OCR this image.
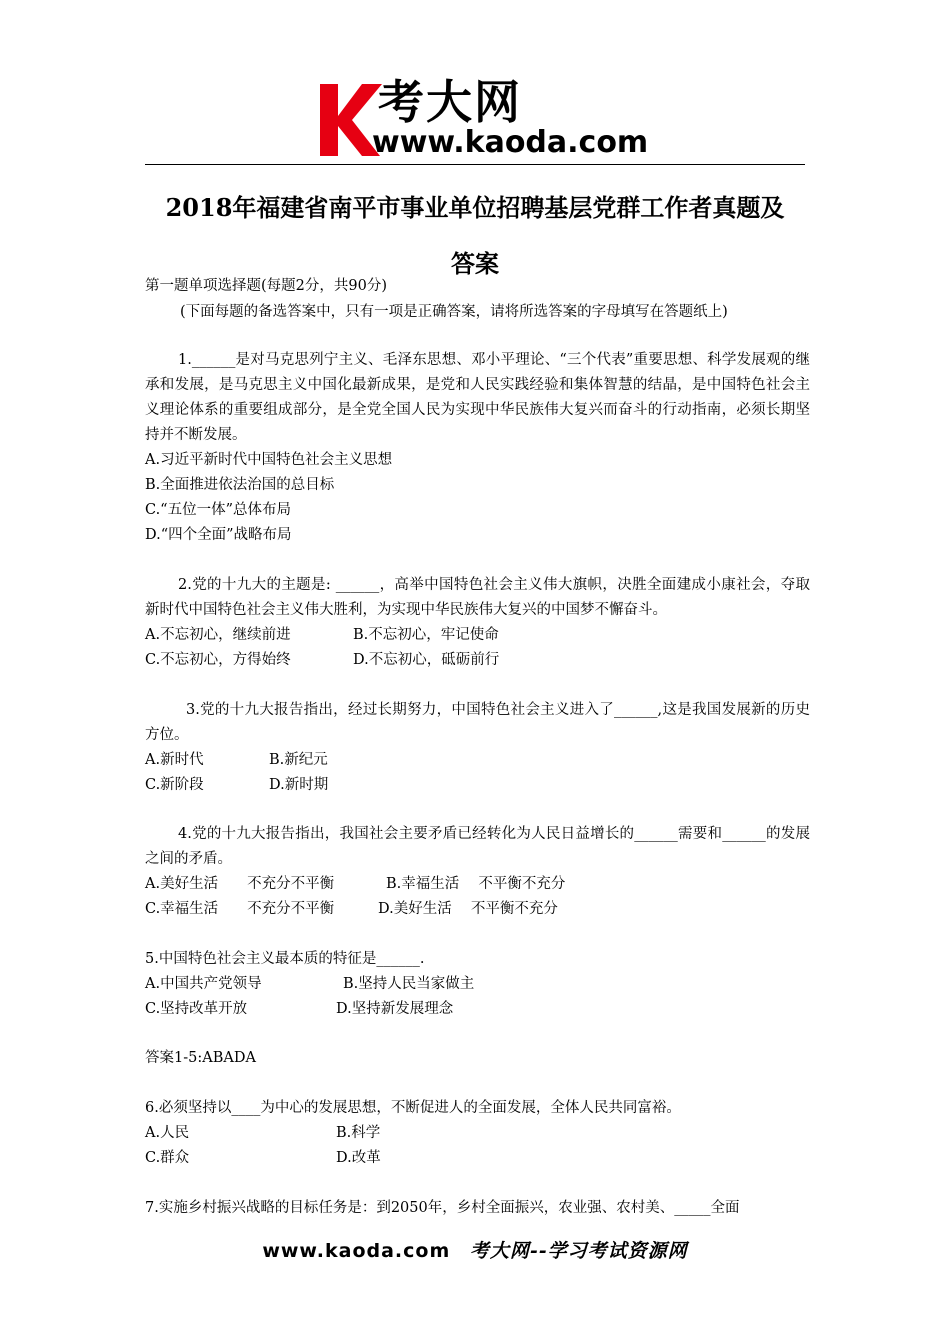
考大网
www.kaoda.com
2018年福建省南平市事业单位招聘基层党群工作者真题及
答案
第一题单项选择题(每题2分，共90分)
(下面每题的备选答案中，只有一项是正确答案，请将所选答案的字母填写在答题纸上)
1.______是对马克思列宁主义、毛泽东思想、邓小平理论、“三个代表”重要思想、科学发展观的继承和发展，是马克思主义中国化最新成果，是党和人民实践经验和集体智慧的结晶，是中国特色社会主义理论体系的重要组成部分，是全党全国人民为实现中华民族伟大复兴而奋斗的行动指南，必须长期坚持并不断发展。
A.习近平新时代中国特色社会主义思想
B.全面推进依法治国的总目标
C.“五位一体”总体布局
D.“四个全面”战略布局
2.党的十九大的主题是: ______，高举中国特色社会主义伟大旗帜，决胜全面建成小康社会，夺取新时代中国特色社会主义伟大胜利，为实现中华民族伟大复兴的中国梦不懈奋斗。
A.不忘初心，继续前进	B.不忘初心，牢记使命
C.不忘初心，方得始终	D.不忘初心，砥砺前行
3.党的十九大报告指出，经过长期努力，中国特色社会主义进入了______,这是我国发展新的历史方位。
A.新时代	B.新纪元
C.新阶段	D.新时期
4.党的十九大报告指出，我国社会主要矛盾已经转化为人民日益增长的______需要和______的发展之间的矛盾。
A.美好生活　　不充分不平衡	B.幸福生活　 不平衡不充分
C.幸福生活　　不充分不平衡	D.美好生活　 不平衡不充分
5.中国特色社会主义最本质的特征是______.
A.中国共产党领导	B.坚持人民当家做主
C.坚持改革开放	D.坚持新发展理念
答案1-5:ABADA
6.必须坚持以____为中心的发展思想，不断促进人的全面发展，全体人民共同富裕。
A.人民	B.科学
C.群众	D.改革
7.实施乡村振兴战略的目标任务是：到2050年，乡村全面振兴，农业强、农村美、_____全面
www.kaoda.com 考大网--学习考试资源网
